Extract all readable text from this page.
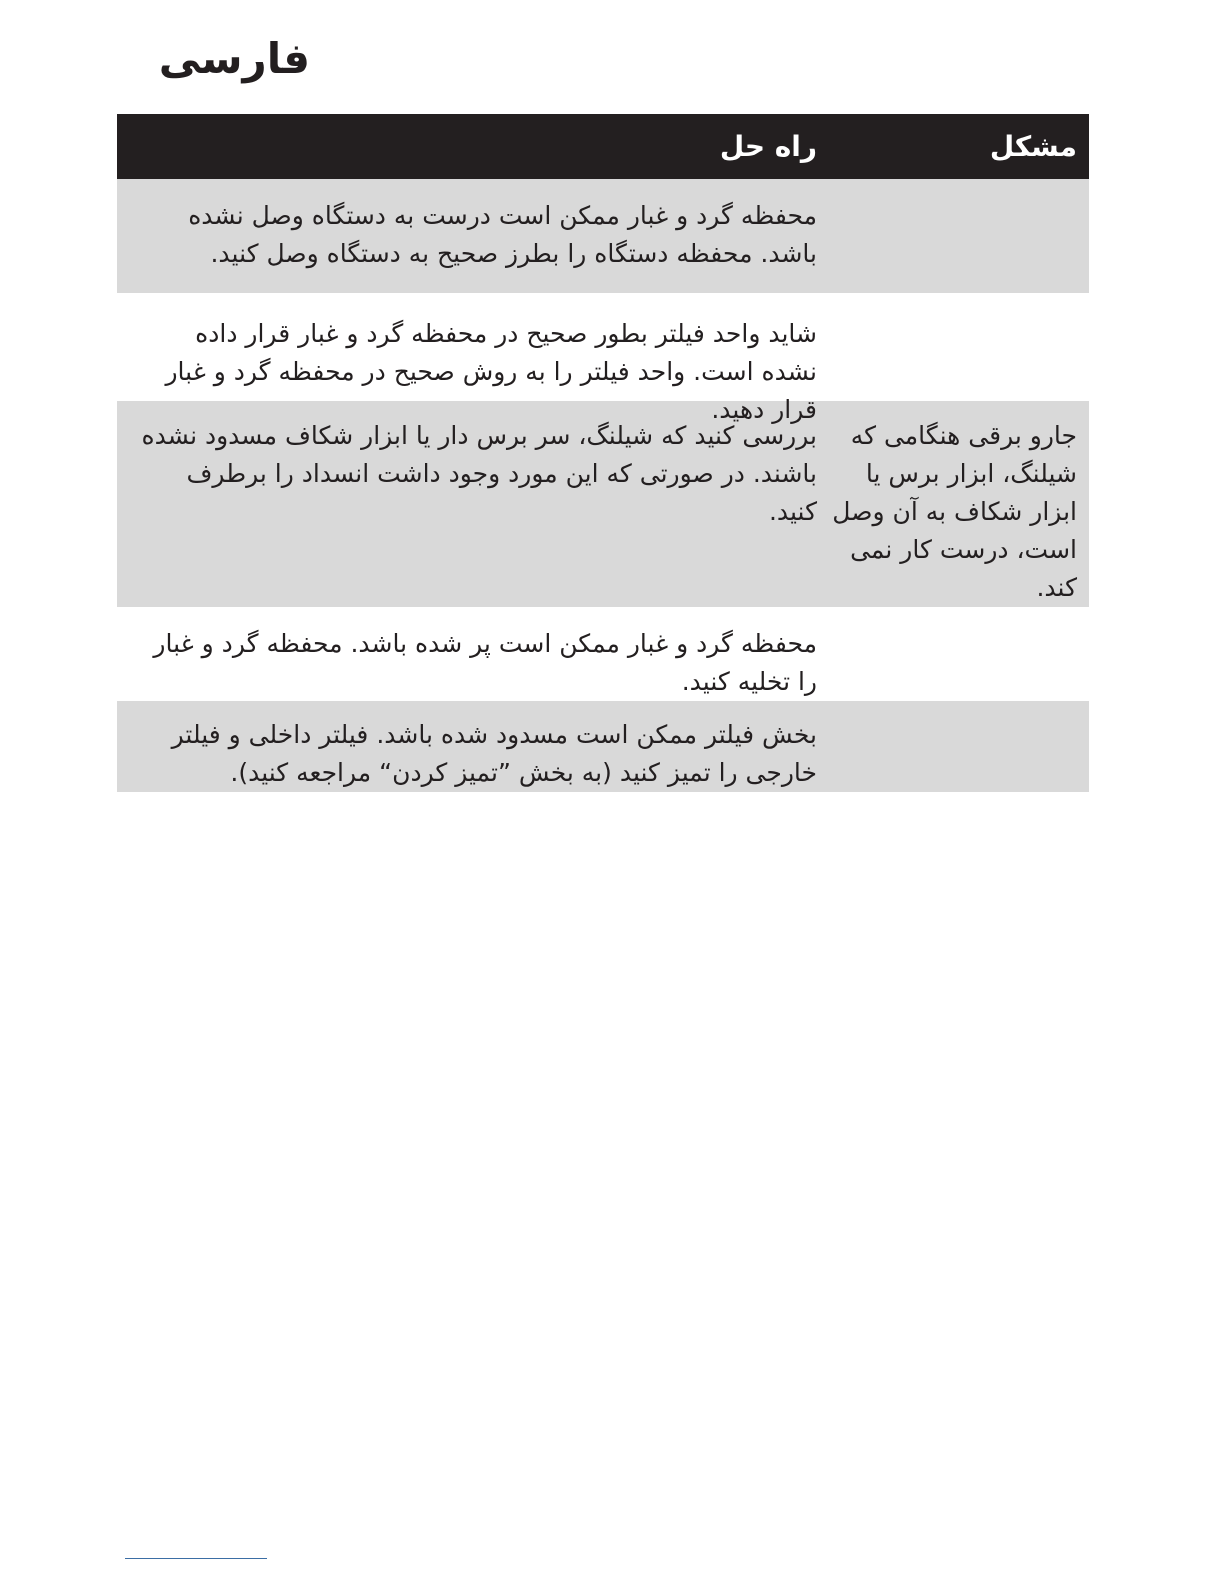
فارسی
مشکل
راه حل
محفظه گرد و غبار ممکن است درست به دستگاه وصل نشده باشد. محفظه دستگاه را بطرز صحیح به دستگاه وصل کنید.
شاید واحد فیلتر بطور صحیح در محفظه گرد و غبار قرار داده نشده است. واحد فیلتر را به روش صحیح در محفظه گرد و غبار قرار دهید.
جارو برقی هنگامی که شیلنگ، ابزار برس یا ابزار شکاف به آن وصل است، درست کار نمی کند.
بررسی کنید که شیلنگ، سر برس دار یا ابزار شکاف مسدود نشده باشند. در صورتی که این مورد وجود داشت انسداد را برطرف کنید.
محفظه گرد و غبار ممکن است پر شده باشد. محفظه گرد و غبار را تخلیه کنید.
بخش فیلتر ممکن است مسدود شده باشد. فیلتر داخلی و فیلتر خارجی را تمیز کنید (به بخش ”تمیز کردن“ مراجعه کنید).
